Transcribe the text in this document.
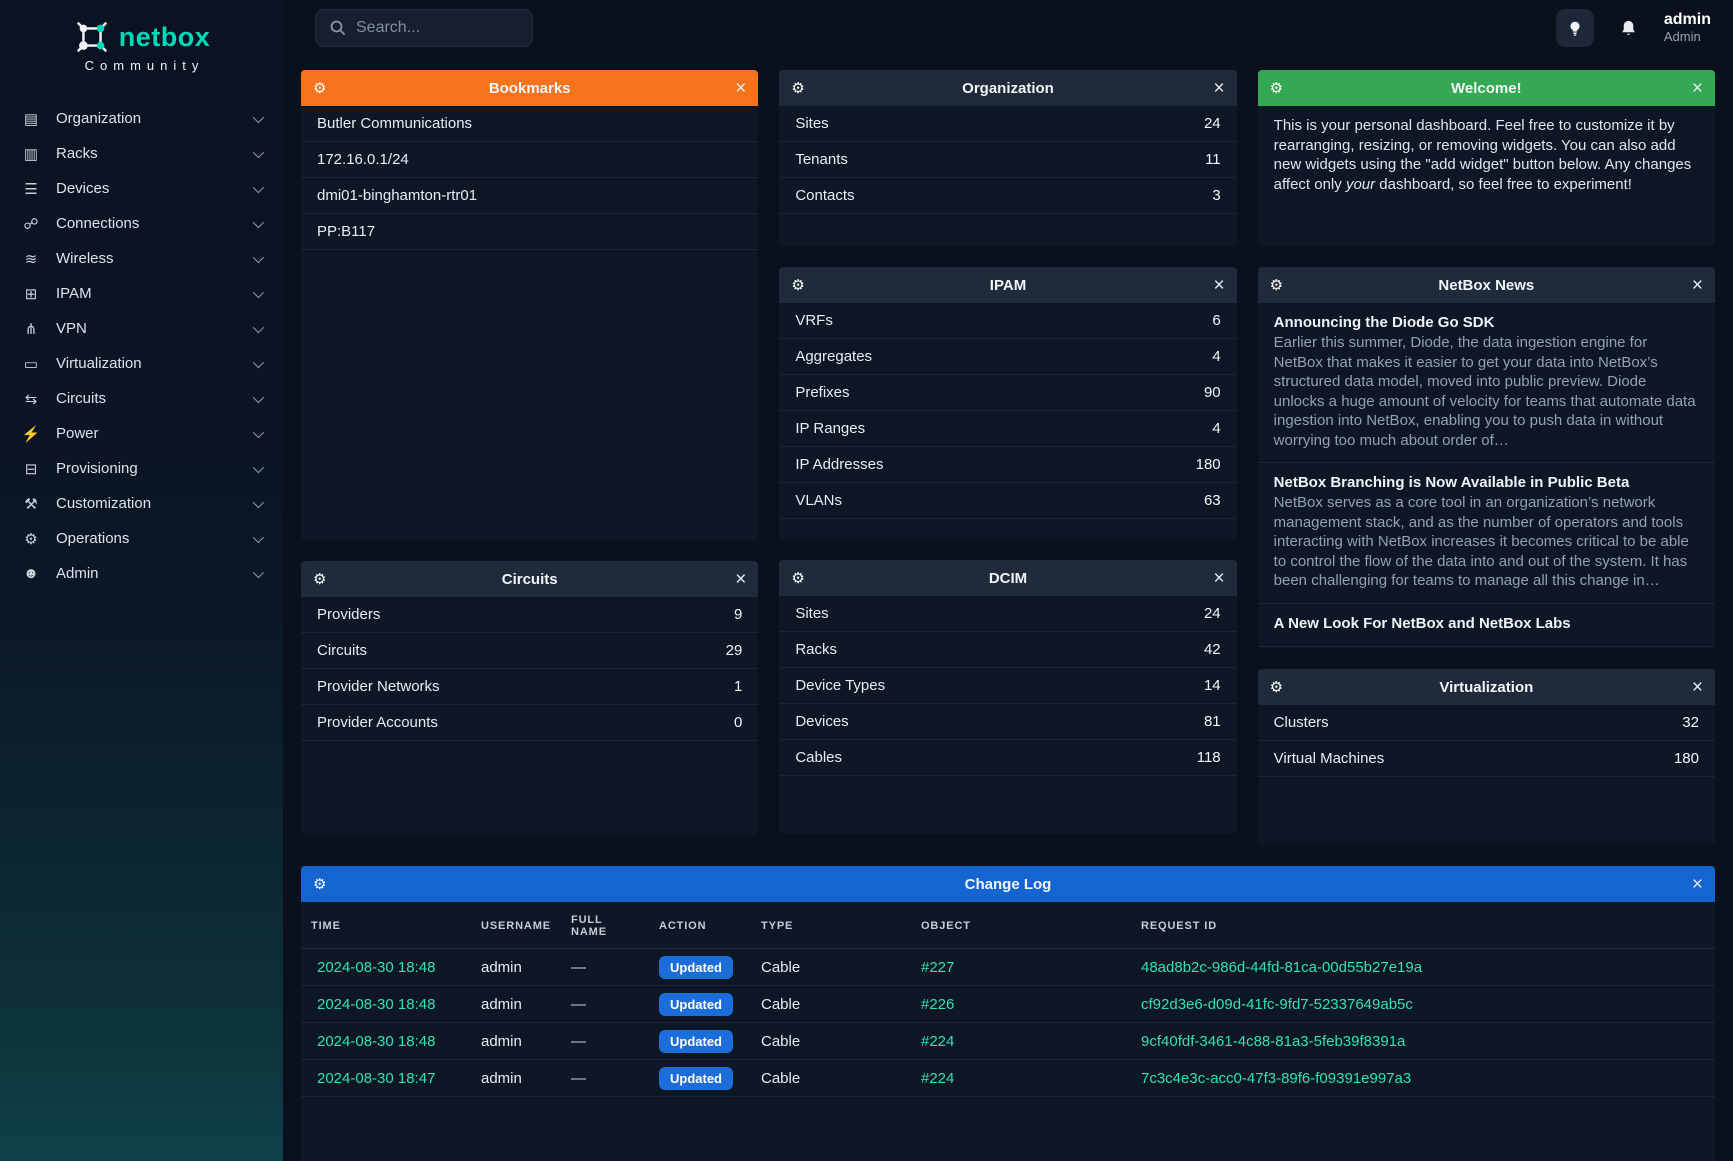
netbox
Community
▤ Organization
▥ Racks
☰ Devices
☍ Connections
≋	Wireless
⊞	IPAM
⋔	VPN
▭ Virtualization
⇆	Circuits
⚡ Power
⊟	Provisioning
⚒ Customization
⚙ Operations
☻ Admin
Search...
admin
Admin
⚙	Bookmarks	×
Butler Communications
172.16.0.1/24
dmi01-binghamton-rtr01
PP:B117
⚙	Circuits	×
Providers	9
Circuits	29
Provider Networks	1
Provider Accounts	0
⚙	Organization	×
Sites	24
Tenants	11
Contacts	3
⚙	IPAM	×
VRFs	6
Aggregates	4
Prefixes	90
IP Ranges	4
IP Addresses	180
VLANs	63
⚙	DCIM	×
Sites	24
Racks	42
Device Types	14
Devices	81
Cables	118
⚙	Welcome!	×
This is your personal dashboard. Feel free to customize it by rearranging, resizing, or removing widgets. You can also add new widgets using the "add widget" button below. Any changes affect only your dashboard, so feel free to experiment!
⚙	NetBox News	×
Announcing the Diode Go SDK
Earlier this summer, Diode, the data ingestion engine for NetBox that makes it easier to get your data into NetBox’s structured data model, moved into public preview. Diode unlocks a huge amount of velocity for teams that automate data ingestion into NetBox, enabling you to push data in without worrying too much about order of…
NetBox Branching is Now Available in Public Beta
NetBox serves as a core tool in an organization’s network management stack, and as the number of operators and tools interacting with NetBox increases it becomes critical to be able to control the flow of the data into and out of the system. It has been challenging for teams to manage all this change in…
A New Look For NetBox and NetBox Labs
⚙	Virtualization	×
Clusters	32
Virtual Machines	180
⚙	Change Log	×
TIME	USERNAME	FULL NAME	ACTION	TYPE	OBJECT	REQUEST ID
2024-08-30 18:48	admin	—	Updated	Cable	#227	48ad8b2c-986d-44fd-81ca-00d55b27e19a
2024-08-30 18:48	admin	—	Updated	Cable	#226	cf92d3e6-d09d-41fc-9fd7-52337649ab5c
2024-08-30 18:48	admin	—	Updated	Cable	#224	9cf40fdf-3461-4c88-81a3-5feb39f8391a
2024-08-30 18:47	admin	—	Updated	Cable	#224	7c3c4e3c-acc0-47f3-89f6-f09391e997a3
